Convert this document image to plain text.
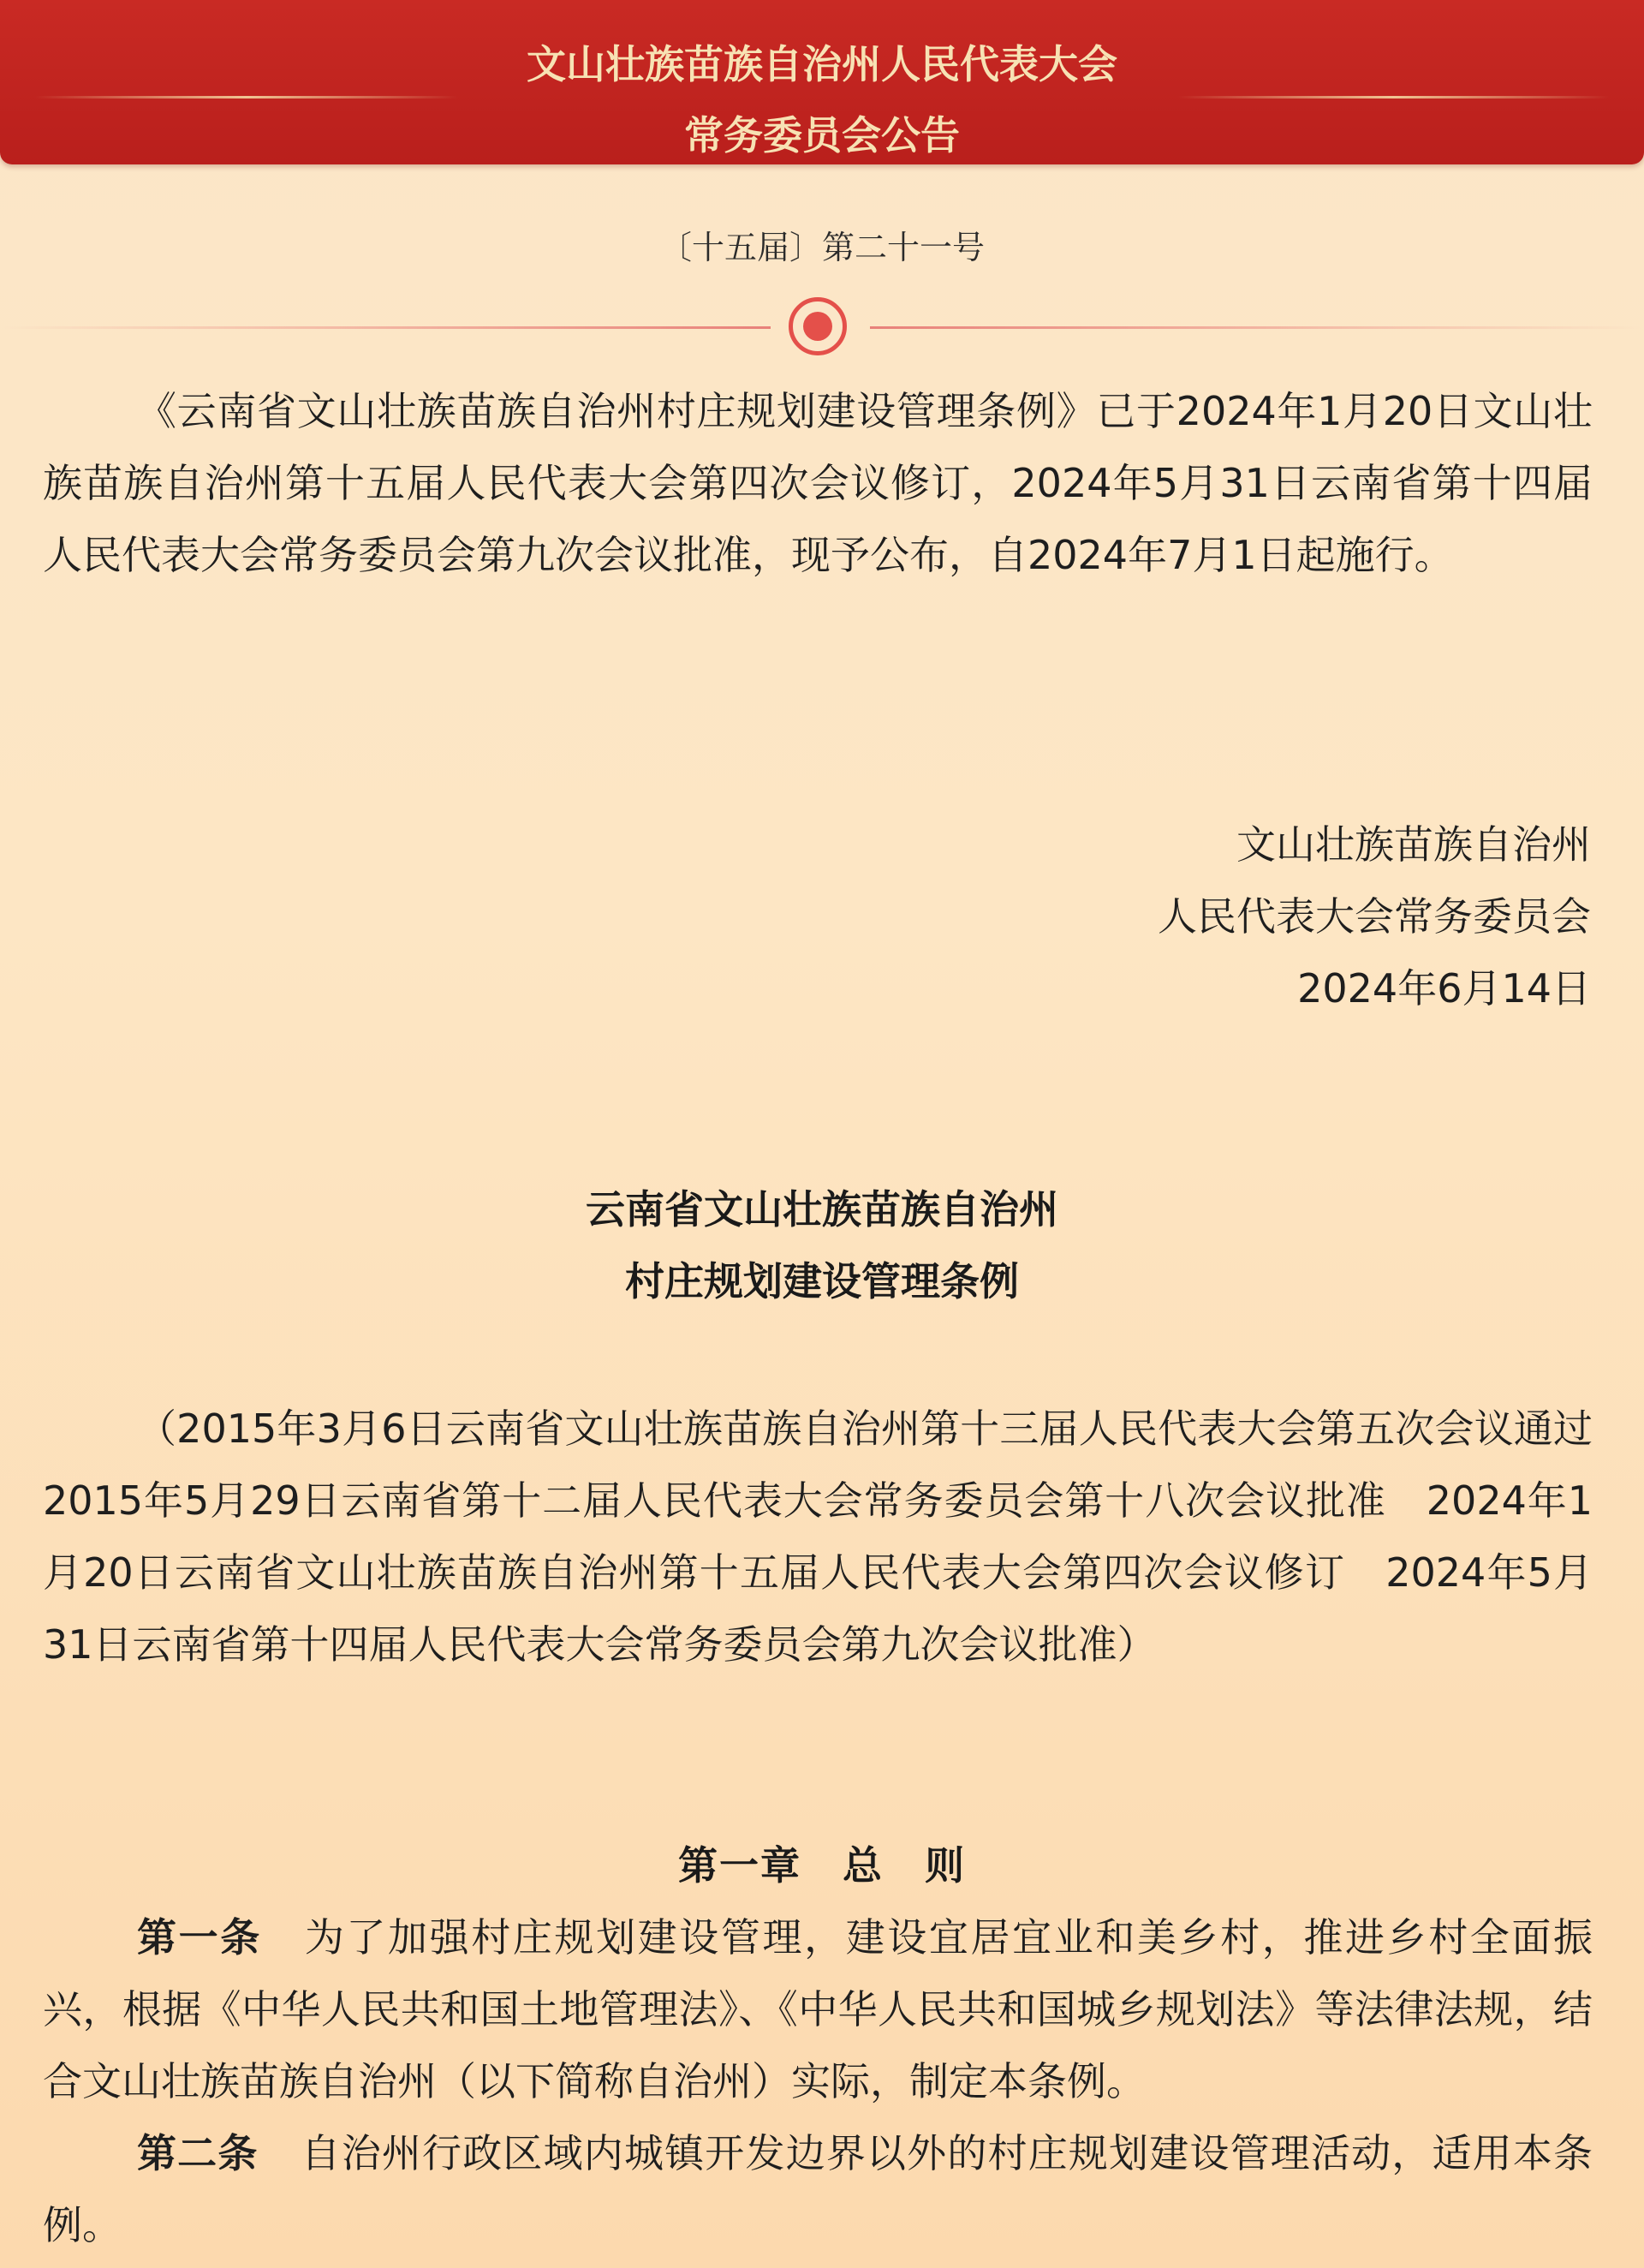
文山壮族苗族自治州人民代表大会
常务委员会公告
〔十五届〕第二十一号
《云南省文山壮族苗族自治州村庄规划建设管理条例》已于2024年1月20日文山壮族苗族自治州第十五届人民代表大会第四次会议修订，2024年5月31日云南省第十四届人民代表大会常务委员会第九次会议批准，现予公布，自2024年7月1日起施行。
文山壮族苗族自治州
人民代表大会常务委员会
2024年6月14日
云南省文山壮族苗族自治州
村庄规划建设管理条例
（2015年3月6日云南省文山壮族苗族自治州第十三届人民代表大会第五次会议通过　2015年5月29日云南省第十二届人民代表大会常务委员会第十八次会议批准　2024年1月20日云南省文山壮族苗族自治州第十五届人民代表大会第四次会议修订　2024年5月31日云南省第十四届人民代表大会常务委员会第九次会议批准）
第一章　总　则
第一条 为了加强村庄规划建设管理，建设宜居宜业和美乡村，推进乡村全面振兴，根据《中华人民共和国土地管理法》、《中华人民共和国城乡规划法》等法律法规，结合文山壮族苗族自治州（以下简称自治州）实际，制定本条例。
第二条 自治州行政区域内城镇开发边界以外的村庄规划建设管理活动，适用本条例。
